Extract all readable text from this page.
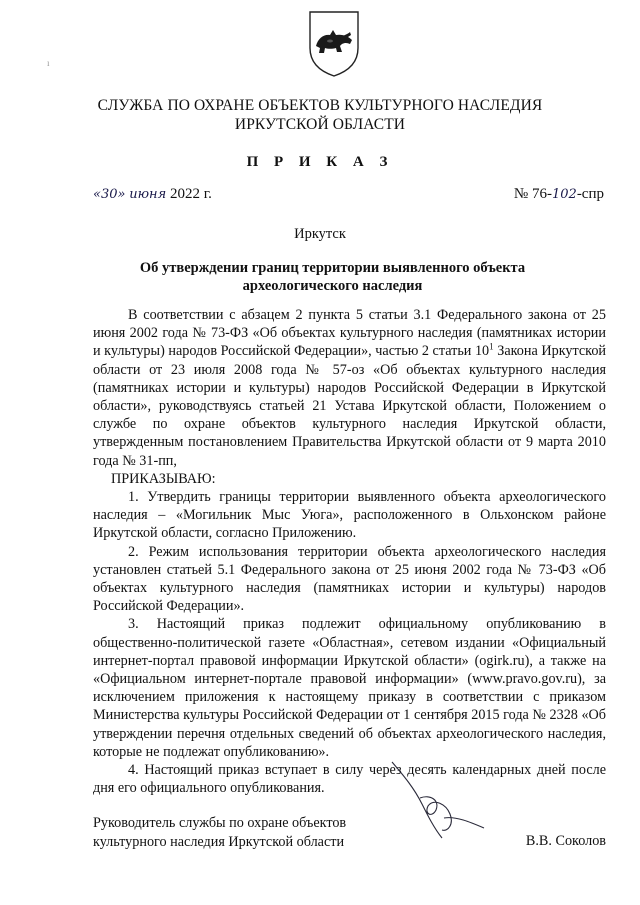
ı
СЛУЖБА ПО ОХРАНЕ ОБЪЕКТОВ КУЛЬТУРНОГО НАСЛЕДИЯ
ИРКУТСКОЙ ОБЛАСТИ
П Р И К А З
«30» июня 2022 г.	№ 76-102-спр
Иркутск
Об утверждении границ территории выявленного объекта
археологического наследия

В соответствии с абзацем 2 пункта 5 статьи 3.1 Федерального закона от 25 июня 2002 года № 73-ФЗ «Об объектах культурного наследия (памятниках истории и культуры) народов Российской Федерации», частью 2 статьи $10^1$ Закона Иркутской области от 23 июля 2008 года № 57-оз «Об объектах культурного наследия (памятниках истории и культуры) народов Российской Федерации в Иркутской области», руководствуясь статьей 21 Устава Иркутской области, Положением о службе по охране объектов культурного наследия Иркутской области, утвержденным постановлением Правительства Иркутской области от 9 марта 2010 года № 31-пп,

ПРИКАЗЫВАЮ:

1. Утвердить границы территории выявленного объекта археологического наследия – «Могильник Мыс Уюга», расположенного в Ольхонском районе Иркутской области, согласно Приложению.

2. Режим использования территории объекта археологического наследия установлен статьей 5.1 Федерального закона от 25 июня 2002 года № 73-ФЗ «Об объектах культурного наследия (памятниках истории и культуры) народов Российской Федерации».

3. Настоящий приказ подлежит официальному опубликованию в общественно-политической газете «Областная», сетевом издании «Официальный интернет-портал правовой информации Иркутской области» (ogirk.ru), а также на «Официальном интернет-портале правовой информации» (www.pravo.gov.ru), за исключением приложения к настоящему приказу в соответствии с приказом Министерства культуры Российской Федерации от 1 сентября 2015 года № 2328 «Об утверждении перечня отдельных сведений об объектах археологического наследия, которые не подлежат опубликованию».

4. Настоящий приказ вступает в силу через десять календарных дней после дня его официального опубликования.

Руководитель службы по охране объектов
культурного наследия Иркутской области	В.В. Соколов
